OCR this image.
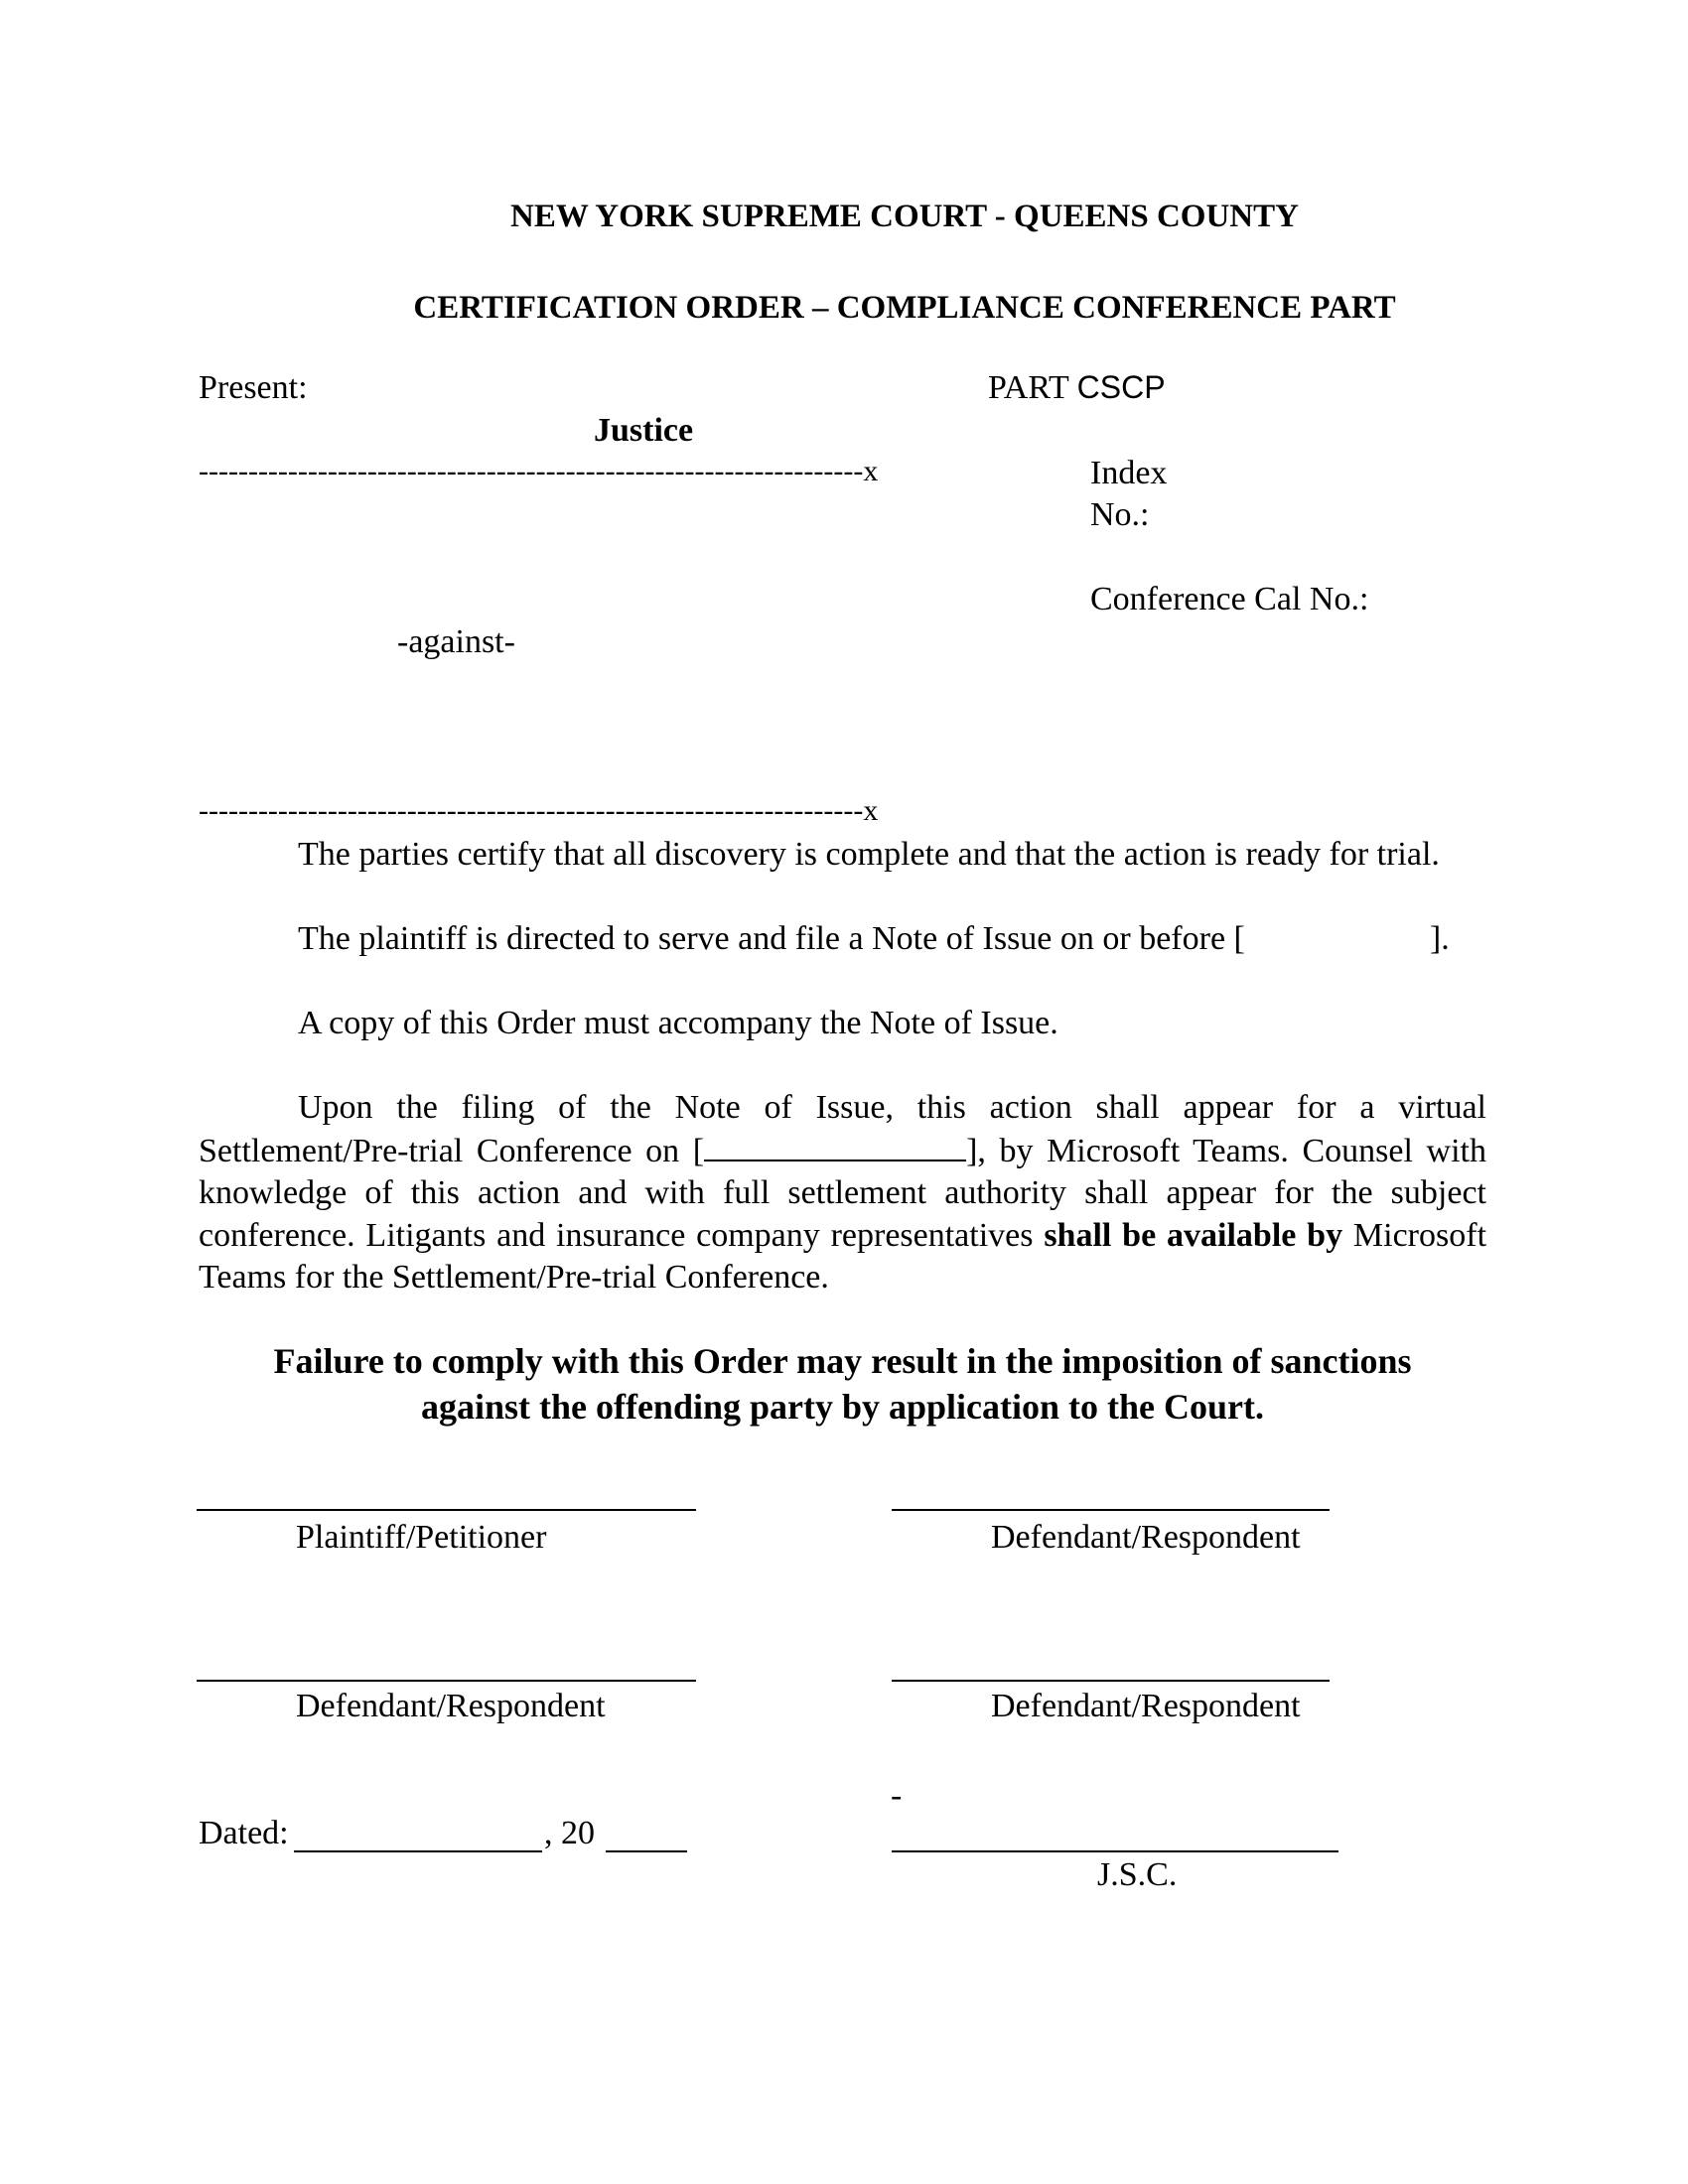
NEW YORK SUPREME COURT - QUEENS COUNTY
CERTIFICATION ORDER – COMPLIANCE CONFERENCE PART
Present:	PART CSCP
Justice
-------------------------------------------------------------------x	Index
No.:
Conference Cal No.:
-against-
-------------------------------------------------------------------x
The parties certify that all discovery is complete and that the action is ready for trial.
The plaintiff is directed to serve and file a Note of Issue on or before [	].
A copy of this Order must accompany the Note of Issue.
Upon the filing of the Note of Issue, this action shall appear for a virtual Settlement/Pre-trial Conference on [	], by Microsoft Teams. Counsel with knowledge of this action and with full settlement authority shall appear for the subject conference. Litigants and insurance company representatives shall be available by Microsoft Teams for the Settlement/Pre-trial Conference.
Failure to comply with this Order may result in the imposition of sanctions
against the offending party by application to the Court.
Plaintiff/Petitioner	Defendant/Respondent
Defendant/Respondent	Defendant/Respondent
Dated:	, 20
-
J.S.C.
